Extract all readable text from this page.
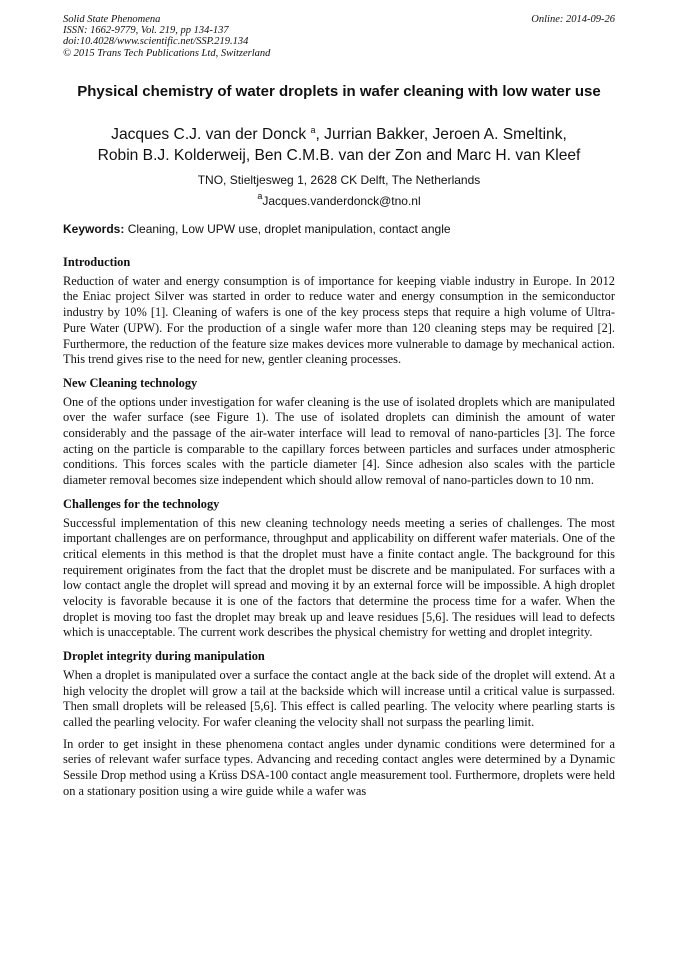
Solid State Phenomena
ISSN: 1662-9779, Vol. 219, pp 134-137
doi:10.4028/www.scientific.net/SSP.219.134
© 2015 Trans Tech Publications Ltd, Switzerland
Online: 2014-09-26
Physical chemistry of water droplets in wafer cleaning with low water use
Jacques C.J. van der Donck $^a$, Jurrian Bakker, Jeroen A. Smeltink,
Robin B.J. Kolderweij, Ben C.M.B. van der Zon and Marc H. van Kleef
TNO, Stieltjesweg 1, 2628 CK Delft, The Netherlands
$^a$Jacques.vanderdonck@tno.nl
Keywords: Cleaning, Low UPW use, droplet manipulation, contact angle
Introduction

Reduction of water and energy consumption is of importance for keeping viable industry in Europe. In 2012 the Eniac project Silver was started in order to reduce water and energy consumption in the semiconductor industry by 10% [1]. Cleaning of wafers is one of the key process steps that require a high volume of Ultra-Pure Water (UPW). For the production of a single wafer more than 120 cleaning steps may be required [2]. Furthermore, the reduction of the feature size makes devices more vulnerable to damage by mechanical action. This trend gives rise to the need for new, gentler cleaning processes.

New Cleaning technology

One of the options under investigation for wafer cleaning is the use of isolated droplets which are manipulated over the wafer surface (see Figure 1). The use of isolated droplets can diminish the amount of water considerably and the passage of the air-water interface will lead to removal of nano-particles [3]. The force acting on the particle is comparable to the capillary forces between particles and surfaces under atmospheric conditions. This forces scales with the particle diameter [4]. Since adhesion also scales with the particle diameter removal becomes size independent which should allow removal of nano-particles down to 10 nm.

Challenges for the technology

Successful implementation of this new cleaning technology needs meeting a series of challenges. The most important challenges are on performance, throughput and applicability on different wafer materials. One of the critical elements in this method is that the droplet must have a finite contact angle. The background for this requirement originates from the fact that the droplet must be discrete and be manipulated. For surfaces with a low contact angle the droplet will spread and moving it by an external force will be impossible. A high droplet velocity is favorable because it is one of the factors that determine the process time for a wafer. When the droplet is moving too fast the droplet may break up and leave residues [5,6]. The residues will lead to defects which is unacceptable. The current work describes the physical chemistry for wetting and droplet integrity.

Droplet integrity during manipulation

When a droplet is manipulated over a surface the contact angle at the back side of the droplet will extend. At a high velocity the droplet will grow a tail at the backside which will increase until a critical value is surpassed. Then small droplets will be released [5,6]. This effect is called pearling. The velocity where pearling starts is called the pearling velocity. For wafer cleaning the velocity shall not surpass the pearling limit.

In order to get insight in these phenomena contact angles under dynamic conditions were determined for a series of relevant wafer surface types. Advancing and receding contact angles were determined by a Dynamic Sessile Drop method using a Krüss DSA-100 contact angle measurement tool. Furthermore, droplets were held on a stationary position using a wire guide while a wafer was
